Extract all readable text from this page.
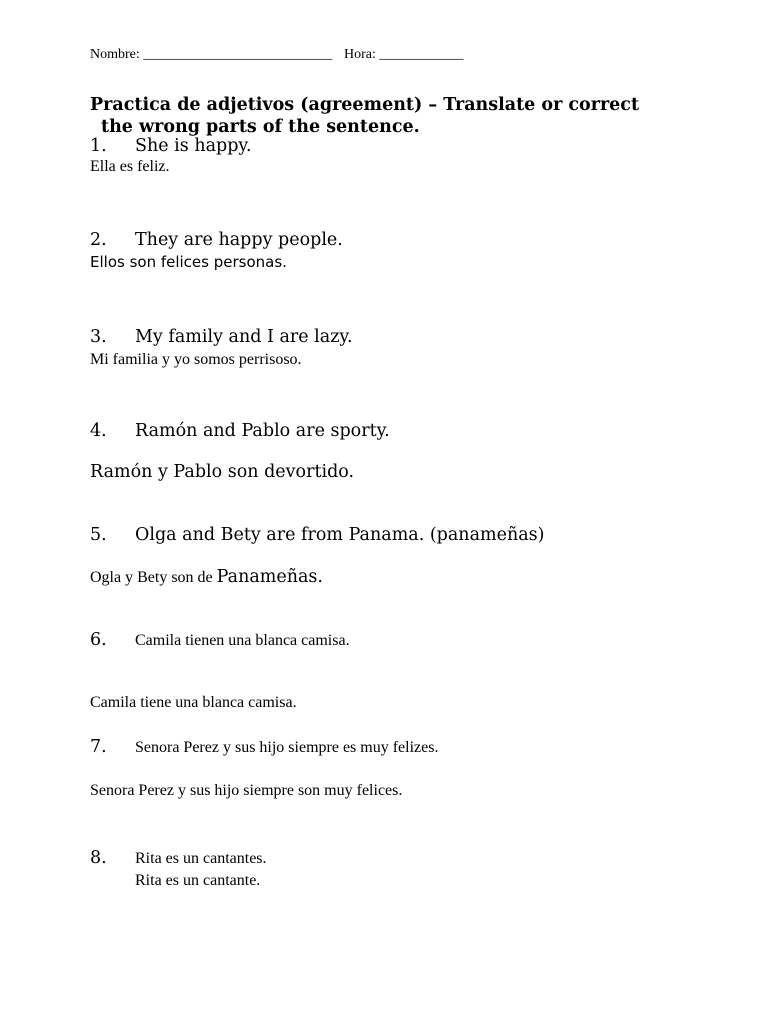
Nombre: ___________________________ Hora: ____________
Practica de adjetivos (agreement) – Translate or correct
the wrong parts of the sentence.
1. She is happy.
Ella es feliz.
2. They are happy people.
Ellos son felices personas.
3. My family and I are lazy.
Mi familia y yo somos perrisoso.
4. Ramón and Pablo are sporty.
Ramón y Pablo son devortido.
5. Olga and Bety are from Panama. (panameñas)
Ogla y Bety son de Panameñas.
6. Camila tienen una blanca camisa.
Camila tiene una blanca camisa.
7. Senora Perez y sus hijo siempre es muy felizes.
Senora Perez y sus hijo siempre son muy felices.
8. Rita es un cantantes.
Rita es un cantante.
